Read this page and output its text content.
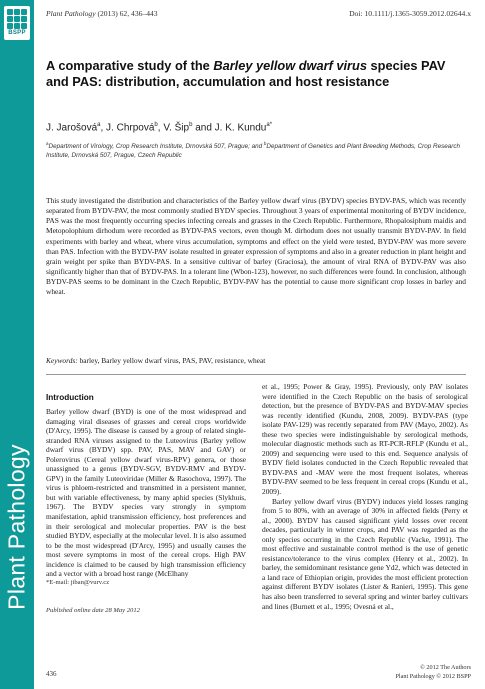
BSPP
Plant Pathology
Plant Pathology (2013) 62, 436–443	Doi: 10.1111/j.1365-3059.2012.02644.x
A comparative study of the Barley yellow dwarf virus species PAV and PAS: distribution, accumulation and host resistance
J. Jarošová$^a$, J. Chrpová$^b$, V. Šip$^b$ and J. K. Kundu$^{a*}$
$^a$Department of Virology, Crop Research Institute, Drnovská 507, Prague; and $^b$Department of Genetics and Plant Breeding Methods, Crop Research Institute, Drnovská 507, Prague, Czech Republic

This study investigated the distribution and characteristics of the Barley yellow dwarf virus (BYDV) species BYDV-PAS, which was recently separated from BYDV-PAV, the most commonly studied BYDV species. Throughout 3 years of experimental monitoring of BYDV incidence, PAS was the most frequently occurring species infecting cereals and grasses in the Czech Republic. Furthermore, Rhopalosiphum maidis and Metopolophium dirhodum were recorded as BYDV-PAS vectors, even though M. dirhodum does not usually transmit BYDV-PAV. In field experiments with barley and wheat, where virus accumulation, symptoms and effect on the yield were tested, BYDV-PAV was more severe than PAS. Infection with the BYDV-PAV isolate resulted in greater expression of symptoms and also in a greater reduction in plant height and grain weight per spike than BYDV-PAS. In a sensitive cultivar of barley (Graciosa), the amount of viral RNA of BYDV-PAV was also significantly higher than that of BYDV-PAS. In a tolerant line (Wbon-123), however, no such differences were found. In conclusion, although BYDV-PAS seems to be dominant in the Czech Republic, BYDV-PAV has the potential to cause more significant crop losses in barley and wheat.

Keywords: barley, Barley yellow dwarf virus, PAS, PAV, resistance, wheat
Introduction

Barley yellow dwarf (BYD) is one of the most widespread and damaging viral diseases of grasses and cereal crops worldwide (D'Arcy, 1995). The disease is caused by a group of related single-stranded RNA viruses assigned to the Luteovirus (Barley yellow dwarf virus (BYDV) spp. PAV, PAS, MAV and GAV) or Polerovirus (Cereal yellow dwarf virus-RPV) genera, or those unassigned to a genus (BYDV-SGV, BYDV-RMV and BYDV-GPV) in the family Luteoviridae (Miller & Rasochova, 1997). The virus is phloem-restricted and transmitted in a persistent manner, but with variable effectiveness, by many aphid species (Slykhuis, 1967). The BYDV species vary strongly in symptom manifestation, aphid transmission efficiency, host preferences and in their serological and molecular properties. PAV is the best studied BYDV, especially at the molecular level. It is also assumed to be the most widespread (D'Arcy, 1995) and usually causes the most severe symptoms in most of the cereal crops. High PAV incidence is claimed to be caused by high transmission efficiency and a vector with a broad host range (McElhany

et al., 1995; Power & Gray, 1995). Previously, only PAV isolates were identified in the Czech Republic on the basis of serological detection, but the presence of BYDV-PAS and BYDV-MAV species was recently identified (Kundu, 2008, 2009). BYDV-PAS (type isolate PAV-129) was recently separated from PAV (Mayo, 2002). As these two species were indistinguishable by serological methods, molecular diagnostic methods such as RT-PCR-RFLP (Kundu et al., 2009) and sequencing were used to this end. Sequence analysis of BYDV field isolates conducted in the Czech Republic revealed that BYDV-PAS and -MAV were the most frequent isolates, whereas BYDV-PAV seemed to be less frequent in cereal crops (Kundu et al., 2009).

Barley yellow dwarf virus (BYDV) induces yield losses ranging from 5 to 80%, with an average of 30% in affected fields (Perry et al., 2000). BYDV has caused significant yield losses over recent decades, particularly in winter crops, and PAV was regarded as the only species occurring in the Czech Republic (Vacke, 1991). The most effective and sustainable control method is the use of genetic resistance/tolerance to the virus complex (Henry et al., 2002). In barley, the semidominant resistance gene Yd2, which was detected in a land race of Ethiopian origin, provides the most efficient protection against different BYDV isolates (Lister & Ranieri, 1995). This gene has also been transferred to several spring and winter barley cultivars and lines (Burnett et al., 1995; Ovesná et al.,

*E-mail: jiban@vurv.cz
Published online date 28 May 2012
436
© 2012 The Authors
Plant Pathology © 2012 BSPP
